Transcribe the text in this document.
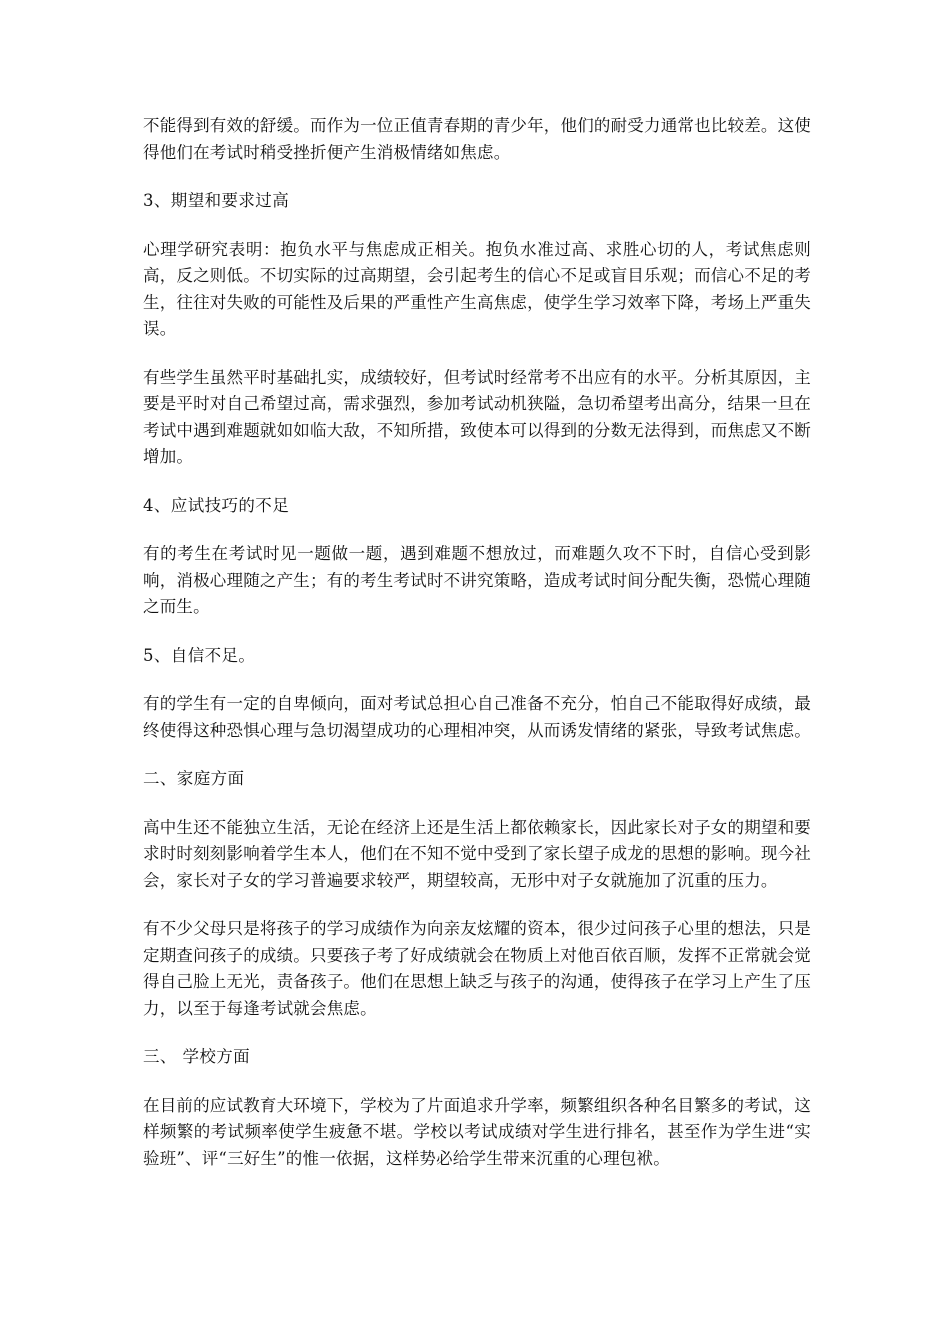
不能得到有效的舒缓。而作为一位正值青春期的青少年，他们的耐受力通常也比较差。这使得他们在考试时稍受挫折便产生消极情绪如焦虑。

3、期望和要求过高

心理学研究表明：抱负水平与焦虑成正相关。抱负水准过高、求胜心切的人，考试焦虑则高，反之则低。不切实际的过高期望，会引起考生的信心不足或盲目乐观；而信心不足的考生，往往对失败的可能性及后果的严重性产生高焦虑，使学生学习效率下降，考场上严重失误。

有些学生虽然平时基础扎实，成绩较好，但考试时经常考不出应有的水平。分析其原因，主要是平时对自己希望过高，需求强烈，参加考试动机狭隘，急切希望考出高分，结果一旦在考试中遇到难题就如如临大敌，不知所措，致使本可以得到的分数无法得到，而焦虑又不断增加。

4、应试技巧的不足

有的考生在考试时见一题做一题，遇到难题不想放过，而难题久攻不下时，自信心受到影响，消极心理随之产生；有的考生考试时不讲究策略，造成考试时间分配失衡，恐慌心理随之而生。

5、自信不足。

有的学生有一定的自卑倾向，面对考试总担心自己准备不充分，怕自己不能取得好成绩，最终使得这种恐惧心理与急切渴望成功的心理相冲突，从而诱发情绪的紧张，导致考试焦虑。

二、家庭方面

高中生还不能独立生活，无论在经济上还是生活上都依赖家长，因此家长对子女的期望和要求时时刻刻影响着学生本人，他们在不知不觉中受到了家长望子成龙的思想的影响。现今社会，家长对子女的学习普遍要求较严，期望较高，无形中对子女就施加了沉重的压力。

有不少父母只是将孩子的学习成绩作为向亲友炫耀的资本，很少过问孩子心里的想法，只是定期查问孩子的成绩。只要孩子考了好成绩就会在物质上对他百依百顺，发挥不正常就会觉得自己脸上无光，责备孩子。他们在思想上缺乏与孩子的沟通，使得孩子在学习上产生了压力，以至于每逢考试就会焦虑。

三、 学校方面

在目前的应试教育大环境下，学校为了片面追求升学率，频繁组织各种名目繁多的考试，这样频繁的考试频率使学生疲惫不堪。学校以考试成绩对学生进行排名，甚至作为学生进“实验班”、评“三好生”的惟一依据，这样势必给学生带来沉重的心理包袱。
